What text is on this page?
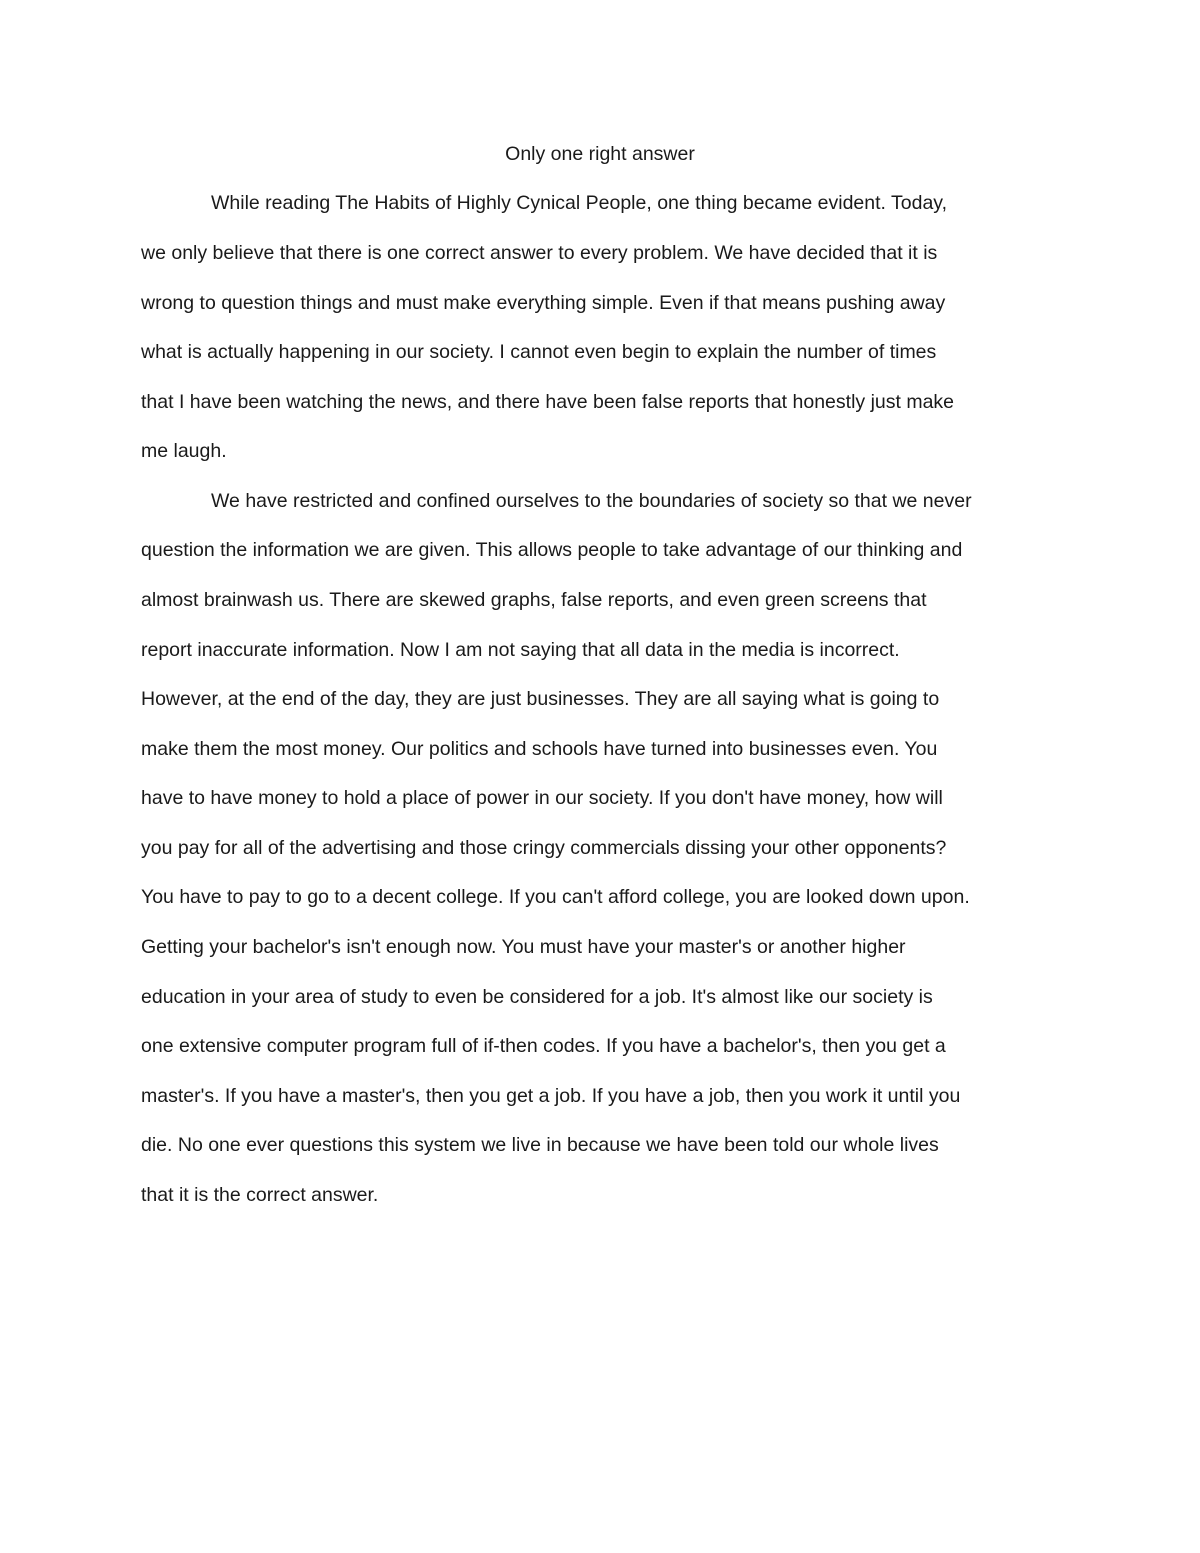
Only one right answer

While reading The Habits of Highly Cynical People, one thing became evident. Today,

we only believe that there is one correct answer to every problem. We have decided that it is

wrong to question things and must make everything simple. Even if that means pushing away

what is actually happening in our society. I cannot even begin to explain the number of times

that I have been watching the news, and there have been false reports that honestly just make

me laugh.

We have restricted and confined ourselves to the boundaries of society so that we never

question the information we are given. This allows people to take advantage of our thinking and

almost brainwash us. There are skewed graphs, false reports, and even green screens that

report inaccurate information. Now I am not saying that all data in the media is incorrect.

However, at the end of the day, they are just businesses. They are all saying what is going to

make them the most money. Our politics and schools have turned into businesses even. You

have to have money to hold a place of power in our society. If you don't have money, how will

you pay for all of the advertising and those cringy commercials dissing your other opponents?

You have to pay to go to a decent college. If you can't afford college, you are looked down upon.

Getting your bachelor's isn't enough now. You must have your master's or another higher

education in your area of study to even be considered for a job. It's almost like our society is

one extensive computer program full of if-then codes. If you have a bachelor's, then you get a

master's. If you have a master's, then you get a job. If you have a job, then you work it until you

die. No one ever questions this system we live in because we have been told our whole lives

that it is the correct answer.
